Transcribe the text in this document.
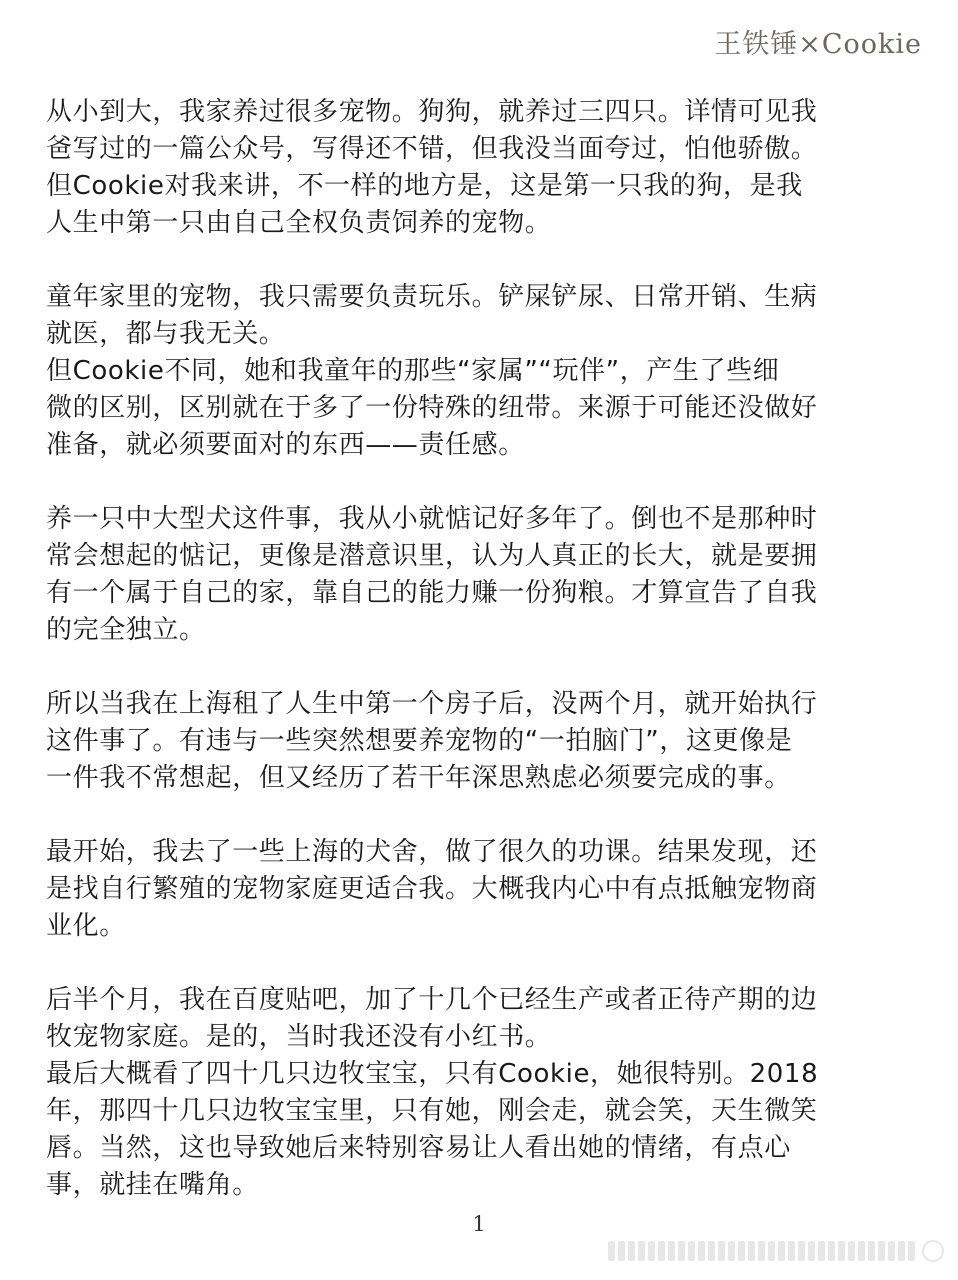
王铁锤×Cookie
从小到大，我家养过很多宠物。狗狗，就养过三四只。详情可见我
爸写过的一篇公众号，写得还不错，但我没当面夸过，怕他骄傲。
但Cookie对我来讲，不一样的地方是，这是第一只我的狗，是我
人生中第一只由自己全权负责饲养的宠物。
童年家里的宠物，我只需要负责玩乐。铲屎铲尿、日常开销、生病
就医，都与我无关。
但Cookie不同，她和我童年的那些“家属”“玩伴”，产生了些细
微的区别，区别就在于多了一份特殊的纽带。来源于可能还没做好
准备，就必须要面对的东西——责任感。
养一只中大型犬这件事，我从小就惦记好多年了。倒也不是那种时
常会想起的惦记，更像是潜意识里，认为人真正的长大，就是要拥
有一个属于自己的家，靠自己的能力赚一份狗粮。才算宣告了自我
的完全独立。
所以当我在上海租了人生中第一个房子后，没两个月，就开始执行
这件事了。有违与一些突然想要养宠物的“一拍脑门”，这更像是
一件我不常想起，但又经历了若干年深思熟虑必须要完成的事。
最开始，我去了一些上海的犬舍，做了很久的功课。结果发现，还
是找自行繁殖的宠物家庭更适合我。大概我内心中有点抵触宠物商
业化。
后半个月，我在百度贴吧，加了十几个已经生产或者正待产期的边
牧宠物家庭。是的，当时我还没有小红书。
最后大概看了四十几只边牧宝宝，只有Cookie，她很特别。2018
年，那四十几只边牧宝宝里，只有她，刚会走，就会笑，天生微笑
唇。当然，这也导致她后来特别容易让人看出她的情绪，有点心
事，就挂在嘴角。
1
